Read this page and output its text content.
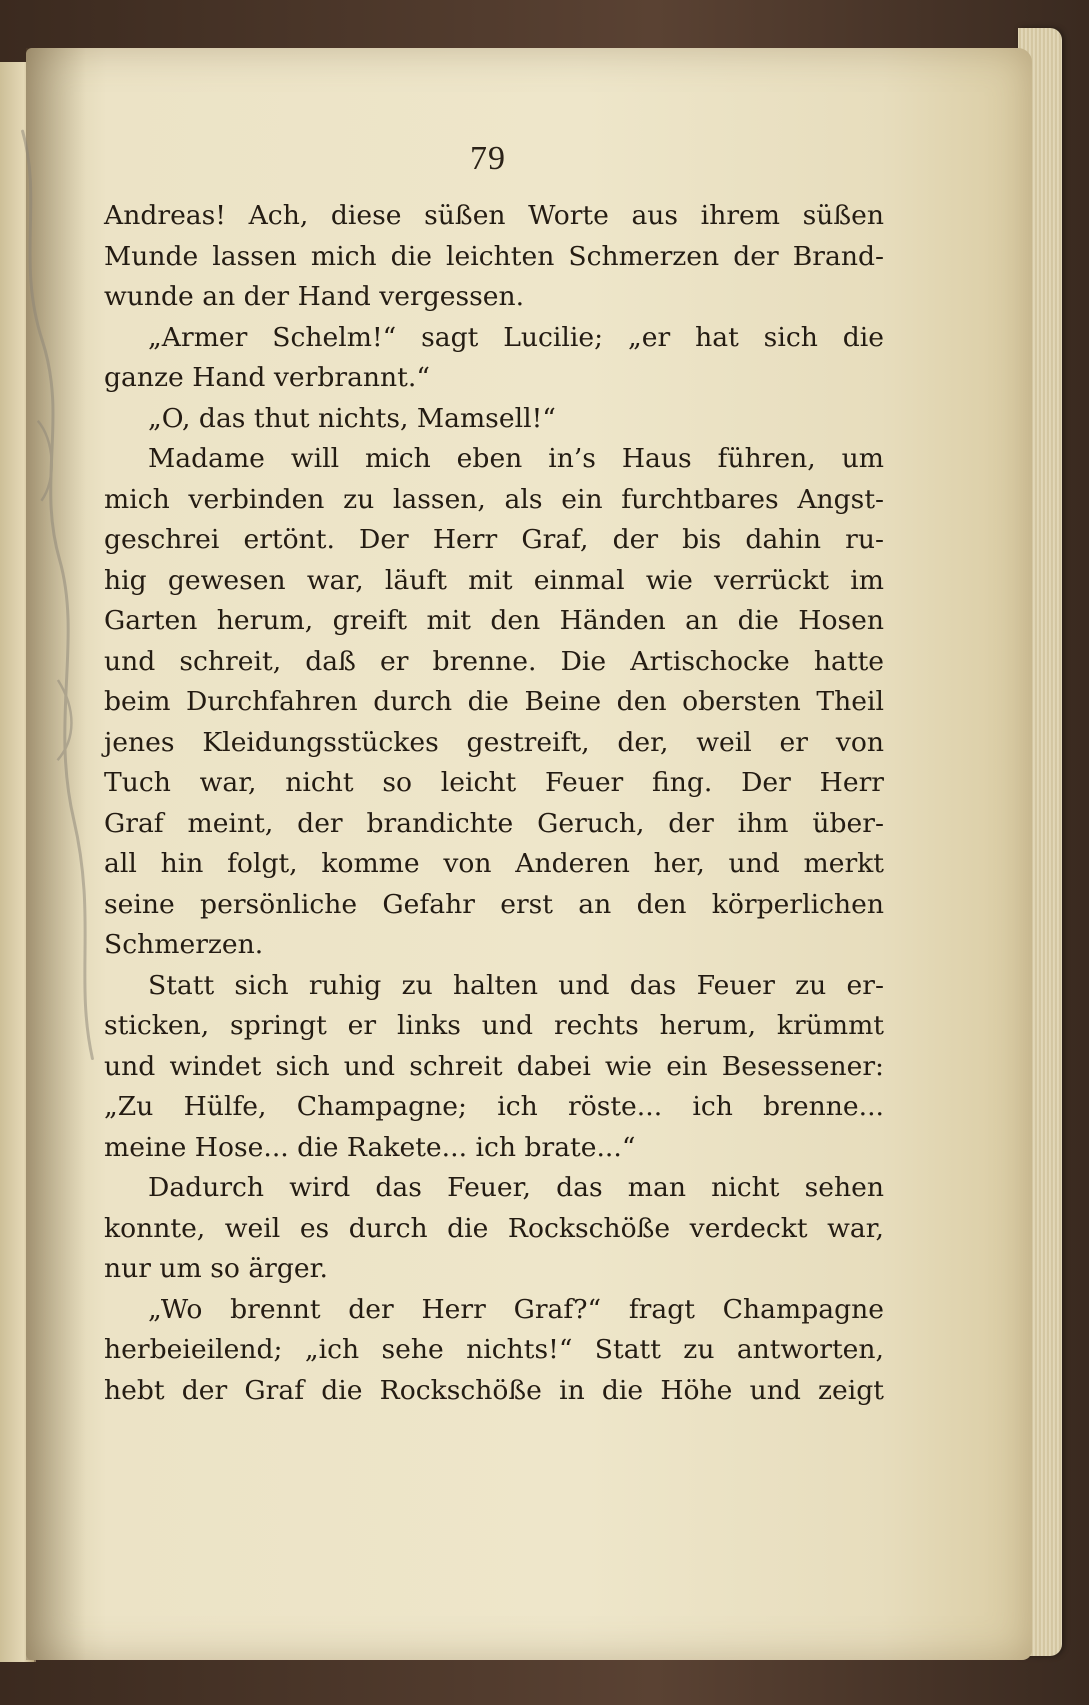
79
Andreas! Ach, diese süßen Worte aus ihrem süßen
Munde lassen mich die leichten Schmerzen der Brand-
wunde an der Hand vergessen.
„Armer Schelm!“ sagt Lucilie; „er hat sich die
ganze Hand verbrannt.“
„O, das thut nichts, Mamsell!“
Madame will mich eben in’s Haus führen, um
mich verbinden zu lassen, als ein furchtbares Angst-
geschrei ertönt. Der Herr Graf, der bis dahin ru-
hig gewesen war, läuft mit einmal wie verrückt im
Garten herum, greift mit den Händen an die Hosen
und schreit, daß er brenne. Die Artischocke hatte
beim Durchfahren durch die Beine den obersten Theil
jenes Kleidungsstückes gestreift, der, weil er von
Tuch war, nicht so leicht Feuer fing. Der Herr
Graf meint, der brandichte Geruch, der ihm über-
all hin folgt, komme von Anderen her, und merkt
seine persönliche Gefahr erst an den körperlichen
Schmerzen.
Statt sich ruhig zu halten und das Feuer zu er-
sticken, springt er links und rechts herum, krümmt
und windet sich und schreit dabei wie ein Besessener:
„Zu Hülfe, Champagne; ich röste... ich brenne...
meine Hose... die Rakete... ich brate...“
Dadurch wird das Feuer, das man nicht sehen
konnte, weil es durch die Rockschöße verdeckt war,
nur um so ärger.
„Wo brennt der Herr Graf?“ fragt Champagne
herbeieilend; „ich sehe nichts!“ Statt zu antworten,
hebt der Graf die Rockschöße in die Höhe und zeigt
